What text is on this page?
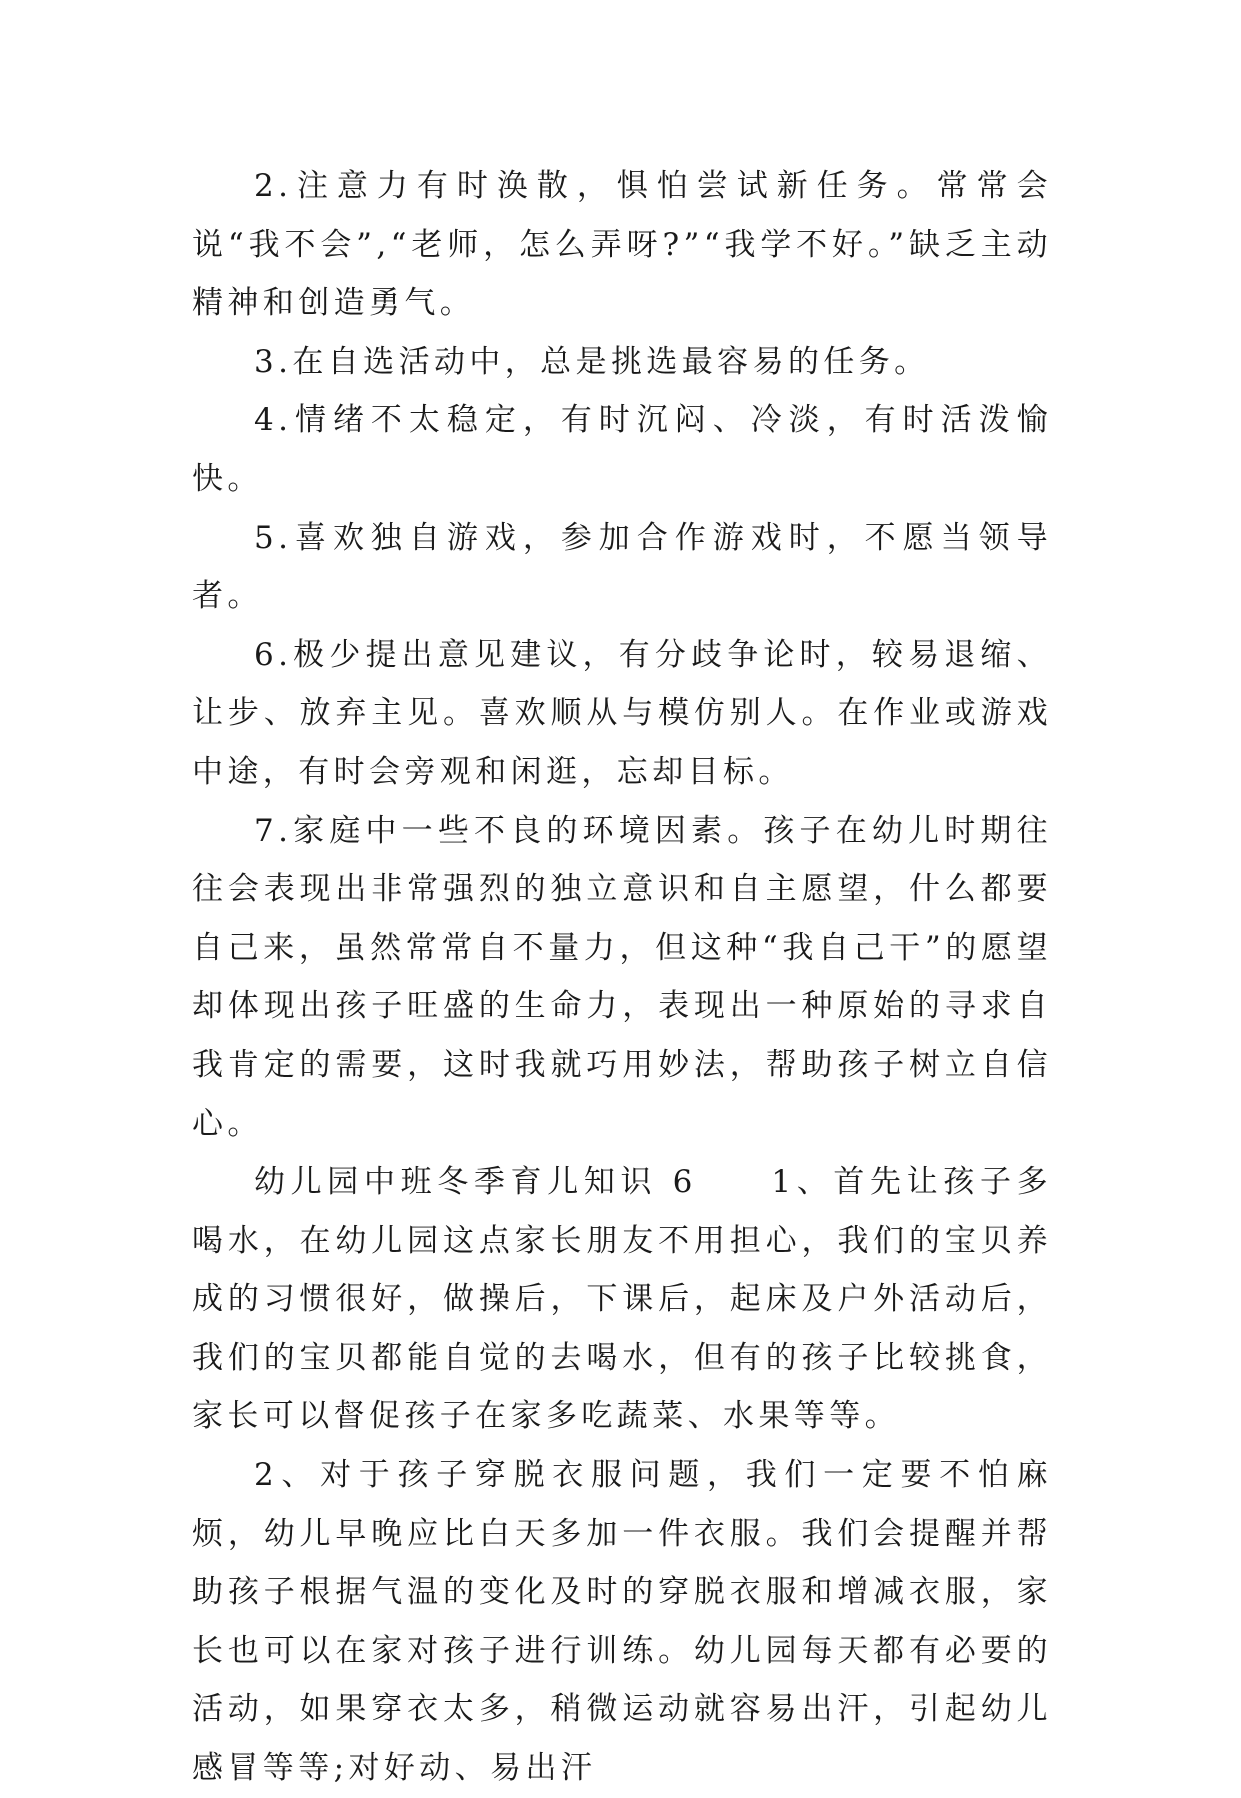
2.注意力有时涣散，惧怕尝试新任务。常常会说“我不会”,“老师，怎么弄呀?”“我学不好。”缺乏主动精神和创造勇气。

3.在自选活动中，总是挑选最容易的任务。

4.情绪不太稳定，有时沉闷、冷淡，有时活泼愉快。

5.喜欢独自游戏，参加合作游戏时，不愿当领导者。

6.极少提出意见建议，有分歧争论时，较易退缩、让步、放弃主见。喜欢顺从与模仿别人。在作业或游戏中途，有时会旁观和闲逛，忘却目标。

7.家庭中一些不良的环境因素。孩子在幼儿时期往往会表现出非常强烈的独立意识和自主愿望，什么都要自己来，虽然常常自不量力，但这种“我自己干”的愿望却体现出孩子旺盛的生命力，表现出一种原始的寻求自我肯定的需要，这时我就巧用妙法，帮助孩子树立自信心。

幼儿园中班冬季育儿知识 6　　1、首先让孩子多喝水，在幼儿园这点家长朋友不用担心，我们的宝贝养成的习惯很好，做操后，下课后，起床及户外活动后，我们的宝贝都能自觉的去喝水，但有的孩子比较挑食，家长可以督促孩子在家多吃蔬菜、水果等等。

2、对于孩子穿脱衣服问题，我们一定要不怕麻烦，幼儿早晚应比白天多加一件衣服。我们会提醒并帮助孩子根据气温的变化及时的穿脱衣服和增减衣服，家长也可以在家对孩子进行训练。幼儿园每天都有必要的活动，如果穿衣太多，稍微运动就容易出汗，引起幼儿感冒等等;对好动、易出汗
